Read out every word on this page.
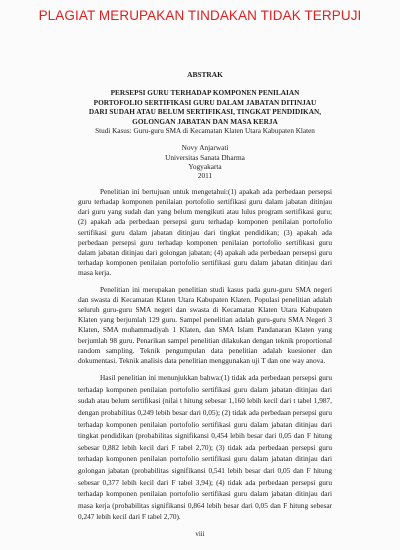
PLAGIAT MERUPAKAN TINDAKAN TIDAK TERPUJI
ABSTRAK
PERSEPSI GURU TERHADAP KOMPONEN PENILAIAN PORTOFOLIO SERTIFIKASI GURU DALAM JABATAN DITINJAU DARI SUDAH ATAU BELUM SERTIFIKASI, TINGKAT PENDIDIKAN, GOLONGAN JABATAN DAN MASA KERJA
Studi Kasus: Guru-guru SMA di Kecamatan Klaten Utara Kabupaten Klaten
Novy Anjarwati
Universitas Sanata Dharma
Yogyakarta
2011
Penelitian ini bertujuan untuk mengetahui:(1) apakah ada perbedaan persepsi guru terhadap komponen penilaian portofolio sertifikasi guru dalam jabatan ditinjau dari guru yang sudah dan yang belum mengikuti atau lulus program sertifikasi guru; (2) apakah ada perbedaan persepsi guru terhadap komponen penilaian portofolio sertifikasi guru dalam jabatan ditinjau dari tingkat pendidikan; (3) apakah ada perbedaan persepsi guru terhadap komponen penilaian portofolio sertifikasi guru dalam jabatan ditinjau dari golongan jabatan; (4) apakah ada perbedaan persepsi guru terhadap komponen penilaian portofolio sertifikasi guru dalam jabatan ditinjau dari masa kerja.
Penelitian ini merupakan penelitian studi kasus pada guru-guru SMA negeri dan swasta di Kecamatan Klaten Utara Kabupaten Klaten. Populasi penelitian adalah seluruh guru-guru SMA negeri dan swasta di Kecamatan Klaten Utara Kabupaten Klaten yang berjumlah 129 guru. Sampel penelitian adalah guru-guru SMA Negeri 3 Klaten, SMA muhammadiyah 1 Klaten, dan SMA Islam Pandanaran Klaten yang berjumlah 98 guru. Penarikan sampel penelitian dilakukan dengan teknik proportional random sampling. Teknik pengumpulan data penelitian adalah kuesioner dan dokumentasi. Teknik analisis data penelitian menggunakan uji T dan one way anova.
Hasil penelitian ini menunjukkan bahwa:(1) tidak ada perbedaan persepsi guru terhadap komponen penilaian portofolio sertifikasi guru dalam jabatan ditinjau dari sudah atau belum sertifikasi (nilai t hitung sebesar 1,160 lebih kecil dari t tabel 1,987, dengan probabilitas 0,249 lebih besar dari 0,05); (2) tidak ada perbedaan persepsi guru terhadap komponen penilaian portofolio sertifikasi guru dalam jabatan ditinjau dari tingkat pendidikan (probabilitas signifikansi 0,454 lebih besar dari 0,05 dan F hitung sebesar 0,882 lebih kecil dari F tabel 2,70); (3) tidak ada perbedaan persepsi guru terhadap komponen penilaian portofolio sertifikasi guru dalam jabatan ditinjau dari golongan jabatan (probabilitas signifikansi 0,541 lebih besar dari 0,05 dan F hitung sebesar 0,377 lebih kecil dari F tabel 3,94); (4) tidak ada perbedaan persepsi guru terhadap komponen penilaian portofolio sertifikasi guru dalam jabatan ditinjau dari masa kerja (probabilitas signifikansi 0,864 lebih besar dari 0,05 dan F hitung sebesar 0,247 lebih kecil dari F tabel 2,70).
viii
